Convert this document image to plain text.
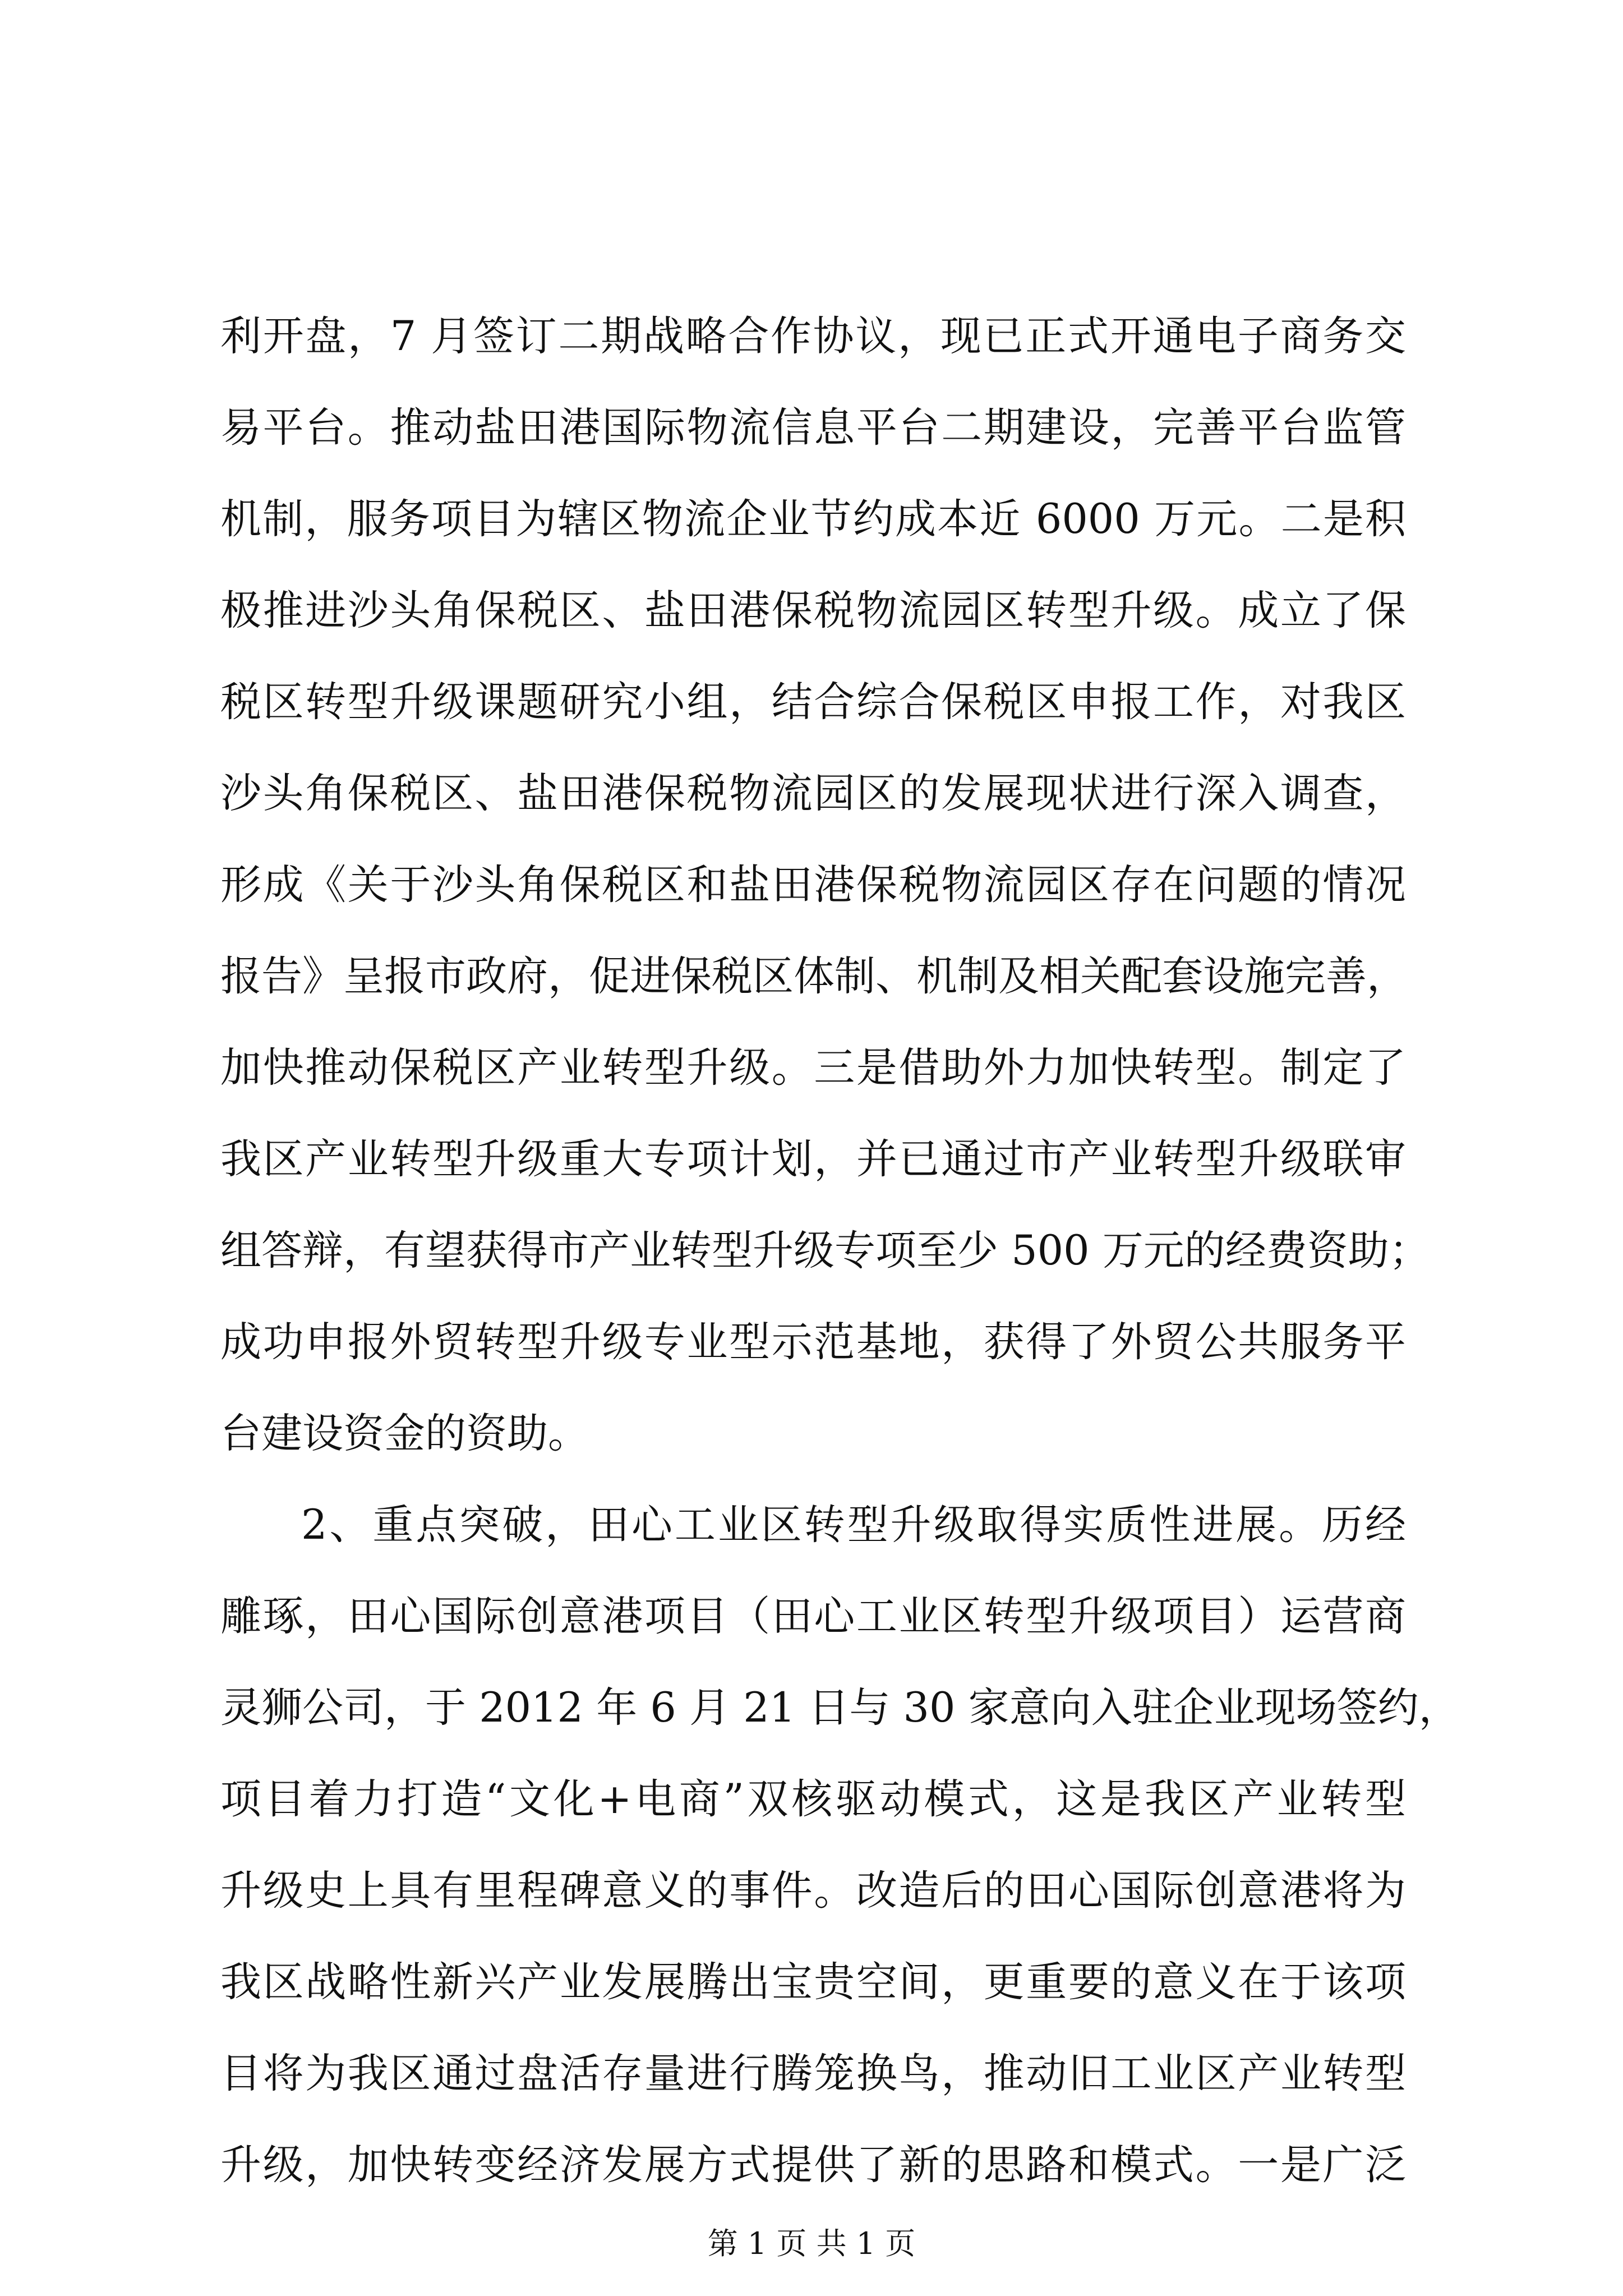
利开盘，7 月签订二期战略合作协议，现已正式开通电子商务交
易平台。推动盐田港国际物流信息平台二期建设，完善平台监管
机制，服务项目为辖区物流企业节约成本近 6000 万元。二是积
极推进沙头角保税区、盐田港保税物流园区转型升级。成立了保
税区转型升级课题研究小组，结合综合保税区申报工作，对我区
沙头角保税区、盐田港保税物流园区的发展现状进行深入调查，
形成《关于沙头角保税区和盐田港保税物流园区存在问题的情况
报告》呈报市政府，促进保税区体制、机制及相关配套设施完善，
加快推动保税区产业转型升级。三是借助外力加快转型。制定了
我区产业转型升级重大专项计划，并已通过市产业转型升级联审
组答辩，有望获得市产业转型升级专项至少 500 万元的经费资助；
成功申报外贸转型升级专业型示范基地，获得了外贸公共服务平
台建设资金的资助。
2、重点突破，田心工业区转型升级取得实质性进展。历经
雕琢，田心国际创意港项目（田心工业区转型升级项目）运营商
灵狮公司，于 2012 年 6 月 21 日与 30 家意向入驻企业现场签约，
项目着力打造“文化+电商”双核驱动模式，这是我区产业转型
升级史上具有里程碑意义的事件。改造后的田心国际创意港将为
我区战略性新兴产业发展腾出宝贵空间，更重要的意义在于该项
目将为我区通过盘活存量进行腾笼换鸟，推动旧工业区产业转型
升级，加快转变经济发展方式提供了新的思路和模式。一是广泛
第 1 页 共 1 页
